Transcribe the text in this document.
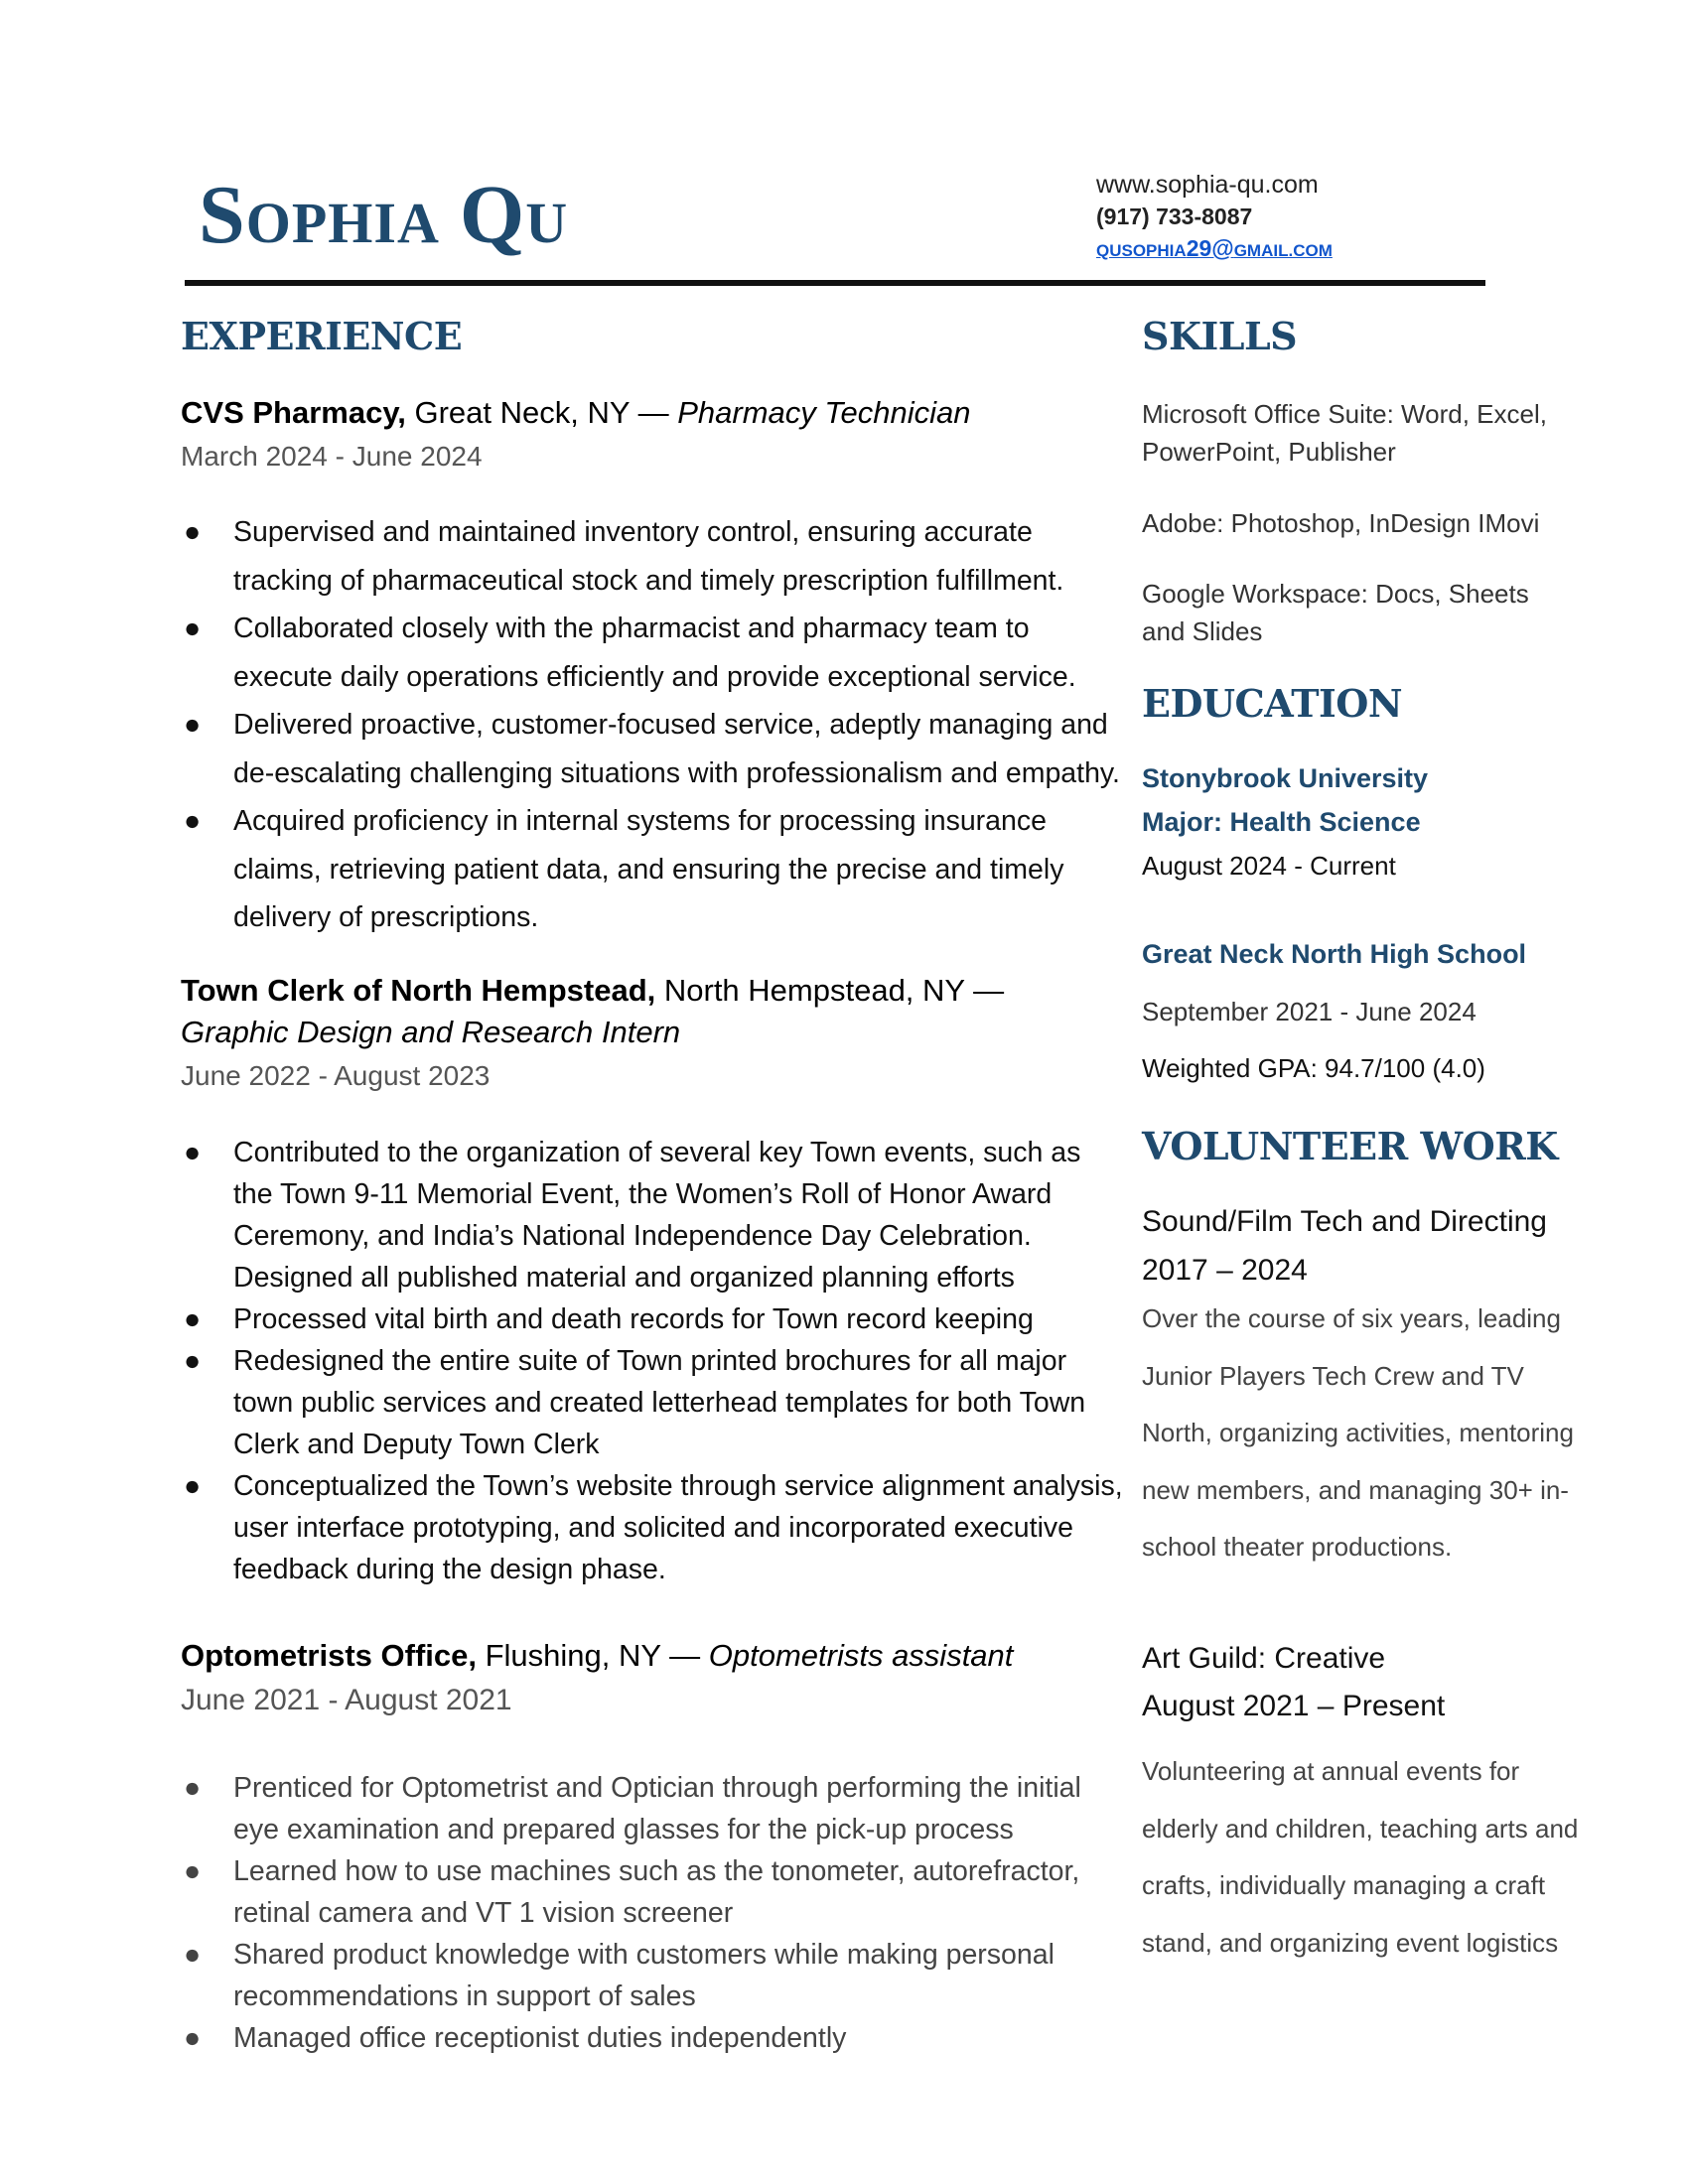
SOPHIA QU
www.sophia-qu.com
(917) 733-8087
QUSOPHIA29@GMAIL.COM
EXPERIENCE
CVS Pharmacy, Great Neck, NY — Pharmacy Technician
March 2024 - June 2024
● Supervised and maintained inventory control, ensuring accurate tracking of pharmaceutical stock and timely prescription fulfillment.
● Collaborated closely with the pharmacist and pharmacy team to execute daily operations efficiently and provide exceptional service.
● Delivered proactive, customer-focused service, adeptly managing and de-escalating challenging situations with professionalism and empathy.
● Acquired proficiency in internal systems for processing insurance claims, retrieving patient data, and ensuring the precise and timely delivery of prescriptions.
Town Clerk of North Hempstead, North Hempstead, NY —
Graphic Design and Research Intern
June 2022 - August 2023
● Contributed to the organization of several key Town events, such as the Town 9-11 Memorial Event, the Women’s Roll of Honor Award Ceremony, and India’s National Independence Day Celebration. Designed all published material and organized planning efforts
● Processed vital birth and death records for Town record keeping
● Redesigned the entire suite of Town printed brochures for all major town public services and created letterhead templates for both Town Clerk and Deputy Town Clerk
● Conceptualized the Town’s website through service alignment analysis, user interface prototyping, and solicited and incorporated executive feedback during the design phase.
Optometrists Office, Flushing, NY — Optometrists assistant
June 2021 - August 2021
● Prenticed for Optometrist and Optician through performing the initial eye examination and prepared glasses for the pick-up process
● Learned how to use machines such as the tonometer, autorefractor, retinal camera and VT 1 vision screener
● Shared product knowledge with customers while making personal recommendations in support of sales
● Managed office receptionist duties independently
SKILLS
Microsoft Office Suite: Word, Excel, PowerPoint, Publisher
Adobe: Photoshop, InDesign IMovi
Google Workspace: Docs, Sheets and Slides
EDUCATION
Stonybrook University
Major: Health Science
August 2024 - Current
Great Neck North High School
September 2021 - June 2024
Weighted GPA: 94.7/100 (4.0)
VOLUNTEER WORK
Sound/Film Tech and Directing
2017 – 2024
Over the course of six years, leading Junior Players Tech Crew and TV North, organizing activities, mentoring new members, and managing 30+ in-school theater productions.
Art Guild: Creative
August 2021 – Present
Volunteering at annual events for elderly and children, teaching arts and crafts, individually managing a craft stand, and organizing event logistics
